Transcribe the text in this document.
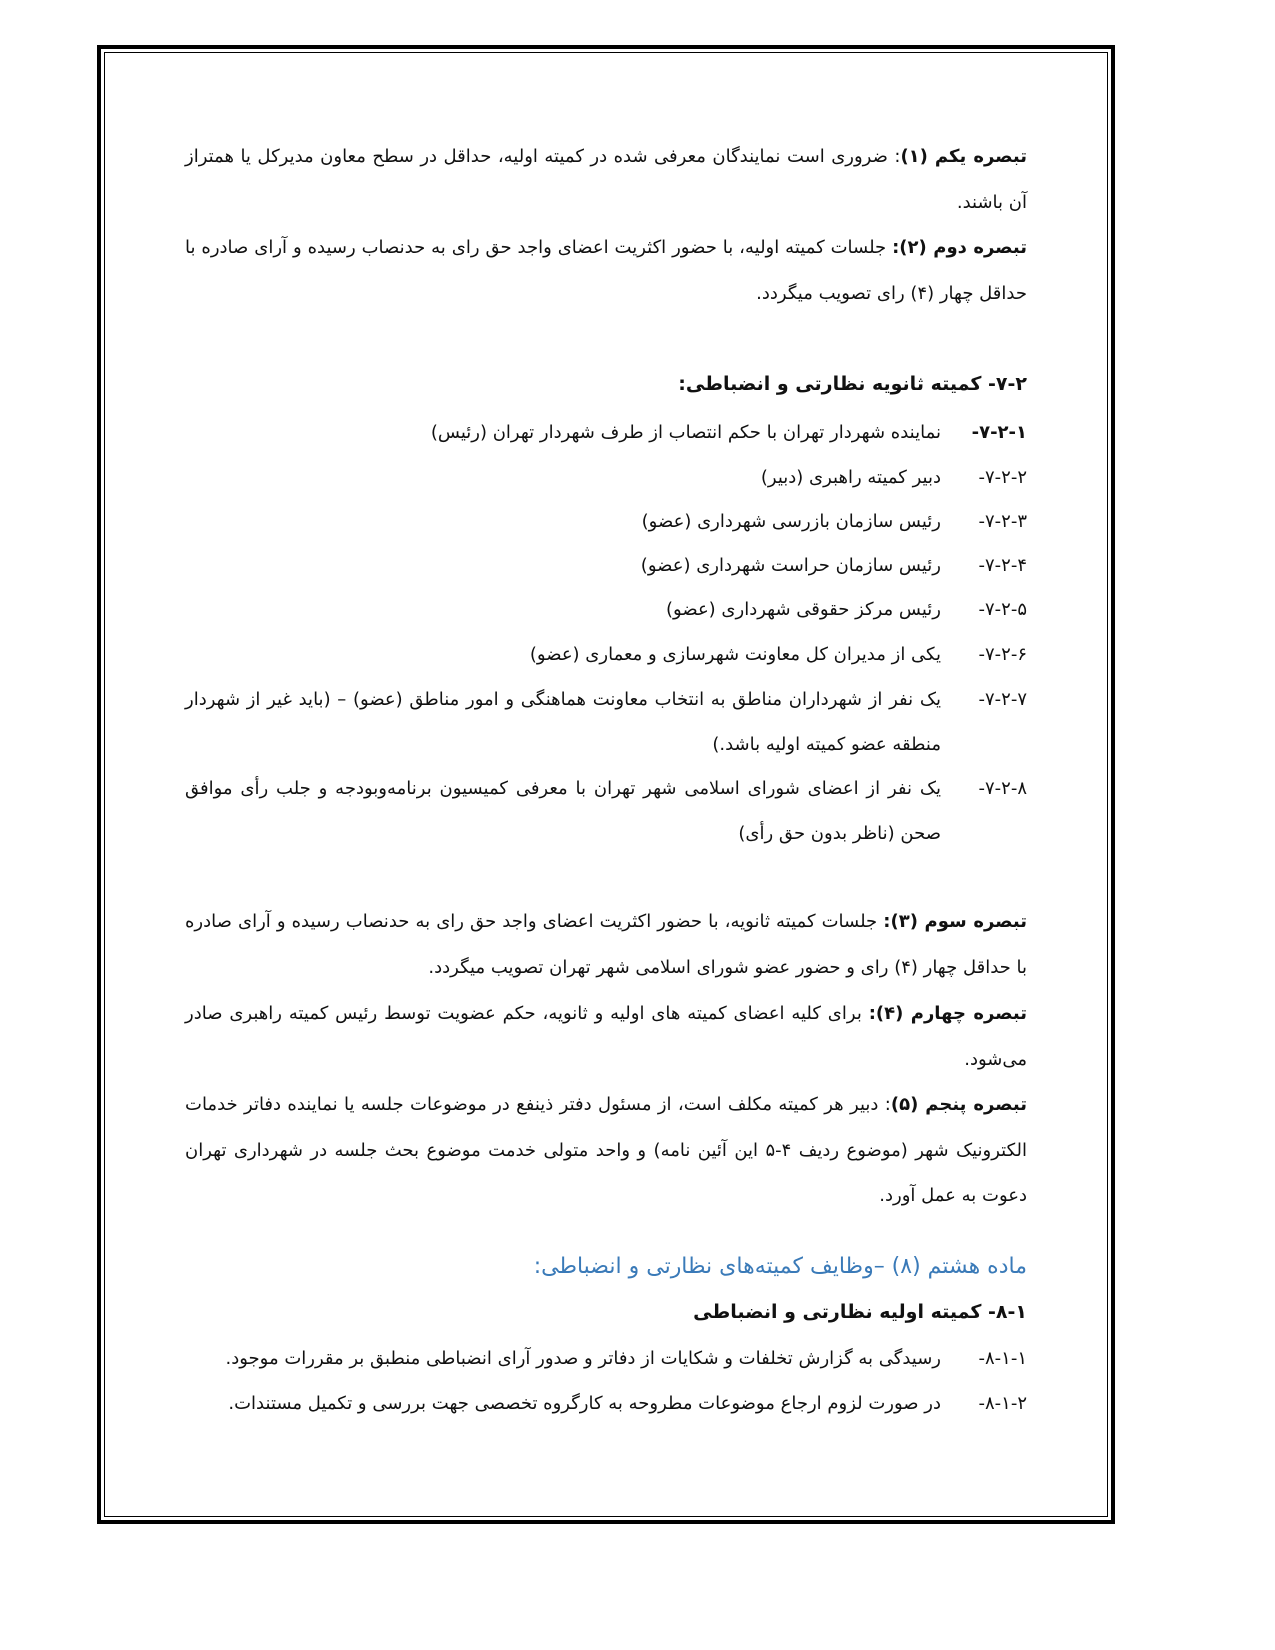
تبصره یکم (۱): ضروری است نمایندگان معرفی شده در کمیته اولیه، حداقل در سطح معاون مدیرکل یا همتراز آن باشند.
تبصره دوم (۲): جلسات کمیته اولیه، با حضور اکثریت اعضای واجد حق رای به حدنصاب رسیده و آرای صادره با حداقل چهار (۴) رای تصویب میگردد.
۷-۲- کمیته ثانویه نظارتی و انضباطی:
۷-۲-۱-
نماینده شهردار تهران با حکم انتصاب از طرف شهردار تهران (رئیس)
۷-۲-۲-
دبیر کمیته راهبری (دبیر)
۷-۲-۳-
رئیس سازمان بازرسی شهرداری (عضو)
۷-۲-۴-
رئیس سازمان حراست شهرداری (عضو)
۷-۲-۵-
رئیس مرکز حقوقی شهرداری (عضو)
۷-۲-۶-
یکی از مدیران کل معاونت شهرسازی و معماری (عضو)
۷-۲-۷-
یک نفر از شهرداران مناطق به انتخاب معاونت هماهنگی و امور مناطق (عضو) – (باید غیر از شهردار منطقه عضو کمیته اولیه باشد.)
۷-۲-۸-
یک نفر از اعضای شورای اسلامی شهر تهران با معرفی کمیسیون برنامه‌وبودجه و جلب رأی موافق صحن (ناظر بدون حق رأی)
تبصره سوم (۳): جلسات کمیته ثانویه، با حضور اکثریت اعضای واجد حق رای به حدنصاب رسیده و آرای صادره با حداقل چهار (۴) رای و حضور عضو شورای اسلامی شهر تهران تصویب میگردد.
تبصره چهارم (۴): برای کلیه اعضای کمیته های اولیه و ثانویه، حکم عضویت توسط رئیس کمیته راهبری صادر می‌شود.
تبصره پنجم (۵): دبیر هر کمیته مکلف است، از مسئول دفتر ذینفع در موضوعات جلسه یا نماینده دفاتر خدمات الکترونیک شهر (موضوع ردیف ۴-۵ این آئین نامه) و واحد متولی خدمت موضوع بحث جلسه در شهرداری تهران دعوت به عمل آورد.
ماده هشتم (۸) –وظایف کمیته‌های نظارتی و انضباطی:
۸-۱- کمیته اولیه نظارتی و انضباطی
۸-۱-۱-
رسیدگی به گزارش تخلفات و شکایات از دفاتر و صدور آرای انضباطی منطبق بر مقررات موجود.
۸-۱-۲-
در صورت لزوم ارجاع موضوعات مطروحه به کارگروه تخصصی جهت بررسی و تکمیل مستندات.
